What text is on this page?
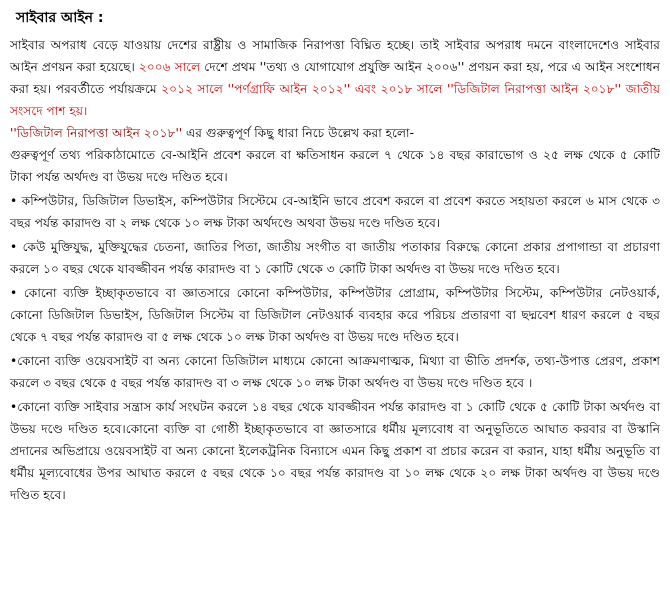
সাইবার আইন :

সাইবার অপরাধ বেড়ে যাওয়ায় দেশের রাষ্ট্রীয় ও সামাজিক নিরাপত্তা বিঘ্নিত হচ্ছে। তাই সাইবার অপরাধ দমনে বাংলাদেশেও সাইবার আইন প্রণয়ন করা হয়েছে। ২০০৬ সালে দেশে প্রথম ''তথ্য ও যোগাযোগ প্রযুক্তি আইন ২০০৬'' প্রণয়ন করা হয়, পরে এ আইন সংশোধন করা হয়। পরবর্তীতে পর্যায়ক্রমে ২০১২ সালে ''পর্ণগ্রাফি আইন ২০১২'' এবং ২০১৮ সালে ''ডিজিটাল নিরাপত্তা আইন ২০১৮'' জাতীয় সংসদে পাশ হয়।

''ডিজিটাল নিরাপত্তা আইন ২০১৮'' এর গুরুত্বপূর্ণ কিছু ধারা নিচে উল্লেখ করা হলো-

গুরুত্বপূর্ণ তথ্য পরিকাঠামোতে বে-আইনি প্রবেশ করলে বা ক্ষতিসাধন করলে ৭ থেকে ১৪ বছর কারাভোগ ও ২৫ লক্ষ থেকে ৫ কোটি টাকা পর্যন্ত অর্থদণ্ড বা উভয় দণ্ডে দণ্ডিত হবে।

• কম্পিউটার, ডিজিটাল ডিভাইস, কম্পিউটার সিস্টেমে বে-আইনি ভাবে প্রবেশ করলে বা প্রবেশ করতে সহায়তা করলে ৬ মাস থেকে ৩ বছর পর্যন্ত কারাদণ্ড বা ২ লক্ষ থেকে ১০ লক্ষ টাকা অর্থদণ্ডে অথবা উভয় দণ্ডে দণ্ডিত হবে।

• কেউ মুক্তিযুদ্ধ, মুক্তিযুদ্ধের চেতনা, জাতির পিতা, জাতীয় সংগীত বা জাতীয় পতাকার বিরুদ্ধে কোনো প্রকার প্রপাগান্ডা বা প্রচারণা করলে ১০ বছর থেকে যাবজ্জীবন পর্যন্ত কারাদণ্ড বা ১ কোটি থেকে ৩ কোটি টাকা অর্থদণ্ড বা উভয় দণ্ডে দণ্ডিত হবে।

• কোনো ব্যক্তি ইচ্ছাকৃতভাবে বা জ্ঞাতসারে কোনো কম্পিউটার, কম্পিউটার প্রোগ্রাম, কম্পিউটার সিস্টেম, কম্পিউটার নেটওয়ার্ক, কোনো ডিজিটাল ডিভাইস, ডিজিটাল সিস্টেম বা ডিজিটাল নেটওয়ার্ক ব্যবহার করে পরিচয় প্রতারণা বা ছদ্মবেশ ধারণ করলে ৫ বছর থেকে ৭ বছর পর্যন্ত কারাদণ্ড বা ৫ লক্ষ থেকে ১০ লক্ষ টাকা অর্থদণ্ড বা উভয় দণ্ডে দণ্ডিত হবে।

•কোনো ব্যক্তি ওয়েবসাইট বা অন্য কোনো ডিজিটাল মাধ্যমে কোনো আক্রমণাত্মক, মিথ্যা বা ভীতি প্রদর্শক, তথ্য-উপাত্ত প্রেরণ, প্রকাশ করলে ৩ বছর থেকে ৫ বছর পর্যন্ত কারাদণ্ড বা ৩ লক্ষ থেকে ১০ লক্ষ টাকা অর্থদণ্ড বা উভয় দণ্ডে দণ্ডিত হবে ।

•কোনো ব্যক্তি সাইবার সন্ত্রাস কার্য সংঘটন করলে ১৪ বছর থেকে যাবজ্জীবন পর্যন্ত কারাদণ্ড বা ১ কোটি থেকে ৫ কোটি টাকা অর্থদণ্ড বা উভয় দণ্ডে দণ্ডিত হবে।কোনো ব্যক্তি বা গোষ্ঠী ইচ্ছাকৃতভাবে বা জ্ঞাতসারে ধর্মীয় মূল্যবোধ বা অনুভূতিতে আঘাত করবার বা উস্কানি প্রদানের অভিপ্রায়ে ওয়েবসাইট বা অন্য কোনো ইলেকট্রনিক বিন্যাসে এমন কিছু প্রকাশ বা প্রচার করেন বা করান, যাহা ধর্মীয় অনুভূতি বা ধর্মীয় মূল্যবোধের উপর আঘাত করলে ৫ বছর থেকে ১০ বছর পর্যন্ত কারাদণ্ড বা ১০ লক্ষ থেকে ২০ লক্ষ টাকা অর্থদণ্ড বা উভয় দণ্ডে দণ্ডিত হবে।
